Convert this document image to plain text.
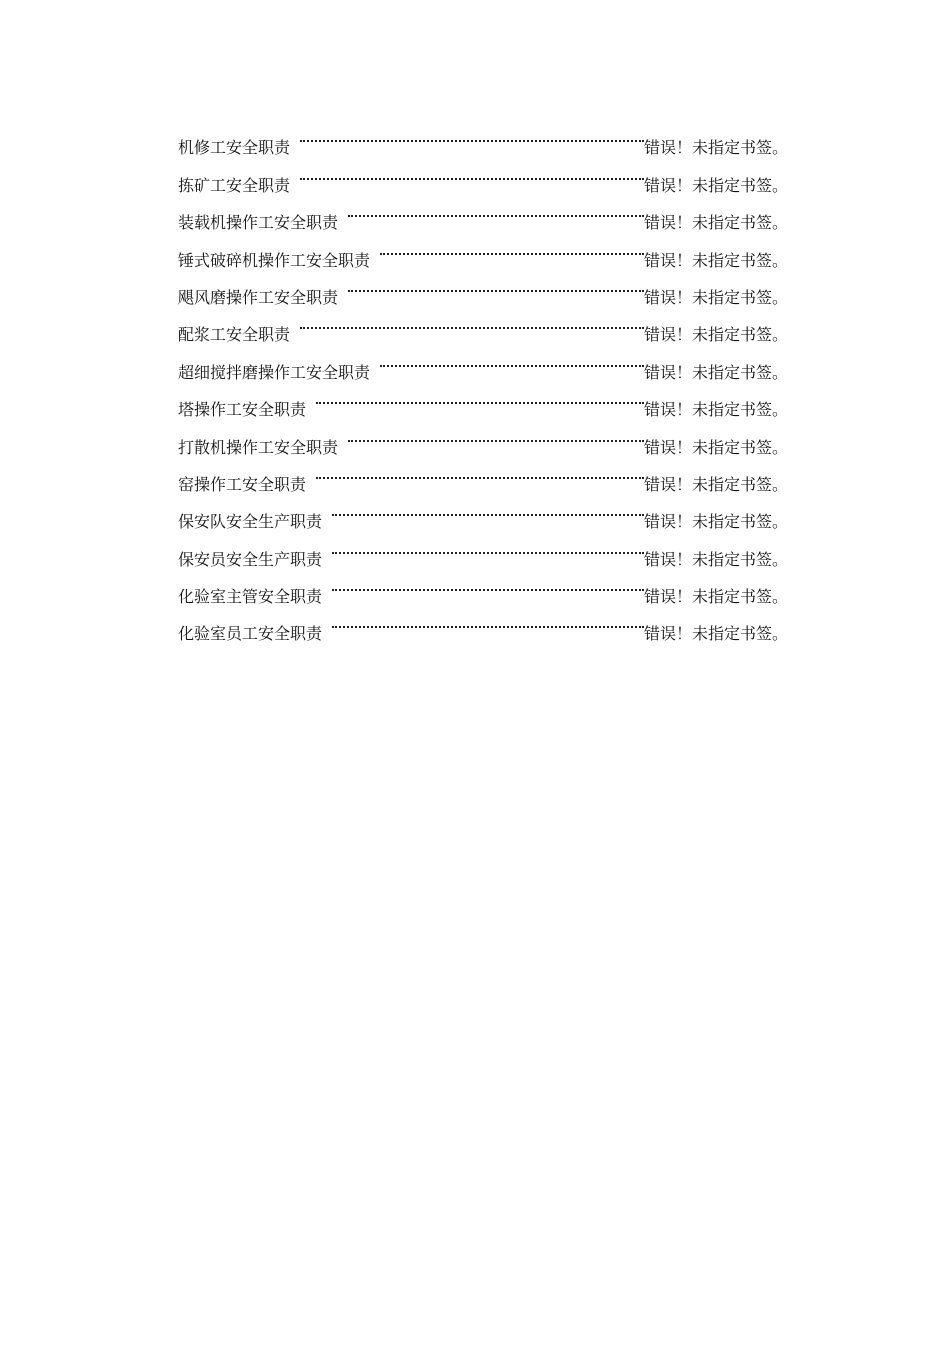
机修工安全职责	错误！未指定书签。
拣矿工安全职责	错误！未指定书签。
装载机操作工安全职责	错误！未指定书签。
锤式破碎机操作工安全职责	错误！未指定书签。
飓风磨操作工安全职责	错误！未指定书签。
配浆工安全职责	错误！未指定书签。
超细搅拌磨操作工安全职责	错误！未指定书签。
塔操作工安全职责	错误！未指定书签。
打散机操作工安全职责	错误！未指定书签。
窑操作工安全职责	错误！未指定书签。
保安队安全生产职责	错误！未指定书签。
保安员安全生产职责	错误！未指定书签。
化验室主管安全职责	错误！未指定书签。
化验室员工安全职责	错误！未指定书签。
